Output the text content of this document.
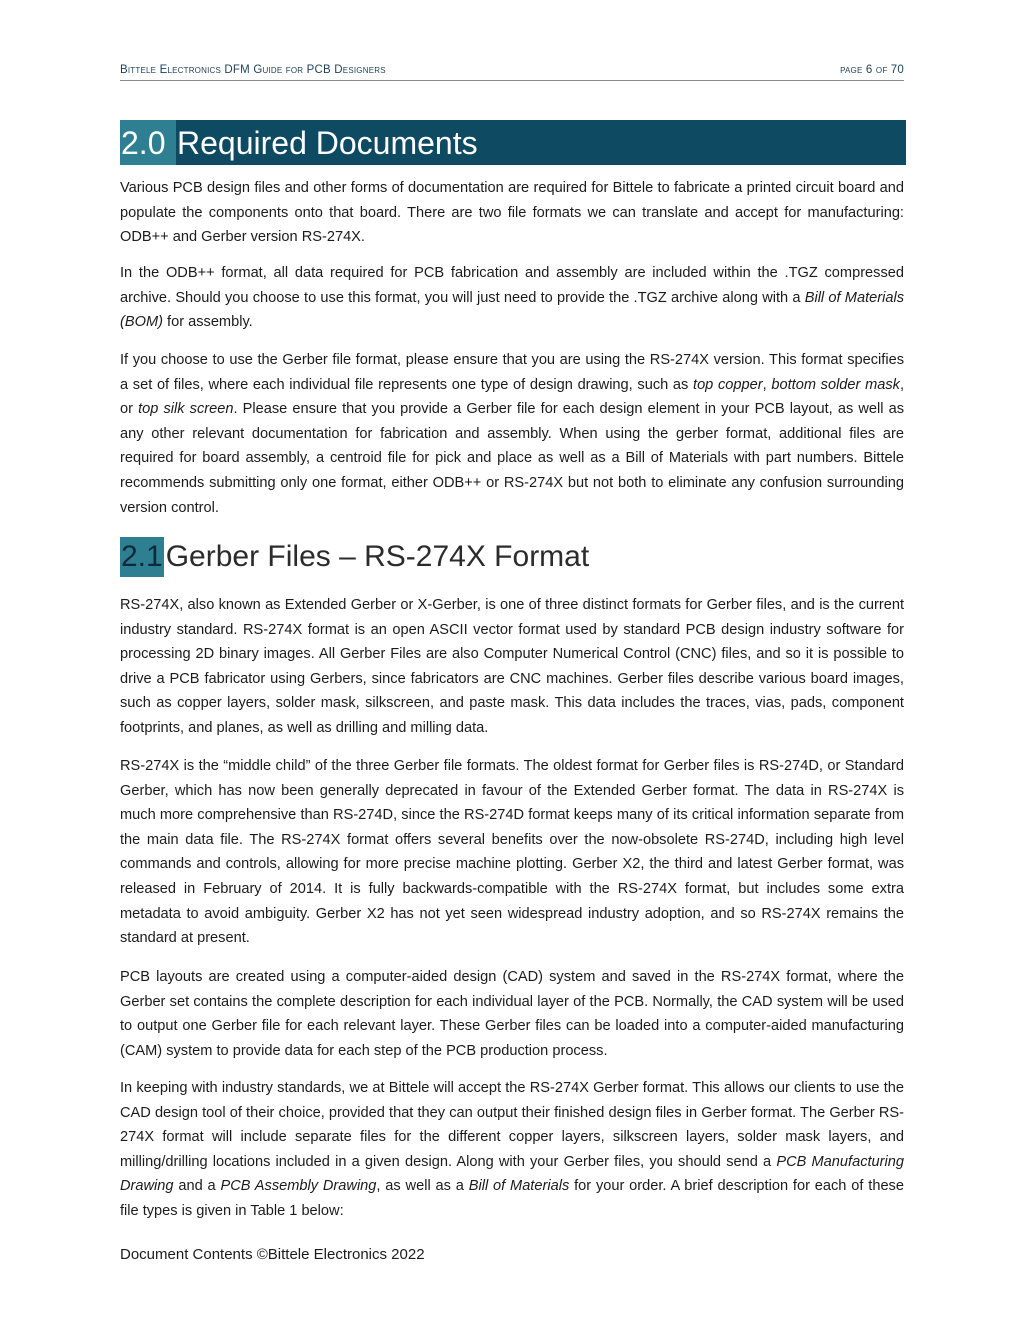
Bittele Electronics DFM Guide for PCB Designers	page 6 of 70
2.0 Required Documents

Various PCB design files and other forms of documentation are required for Bittele to fabricate a printed circuit board and populate the components onto that board. There are two file formats we can translate and accept for manufacturing: ODB++ and Gerber version RS-274X.

In the ODB++ format, all data required for PCB fabrication and assembly are included within the .TGZ compressed archive. Should you choose to use this format, you will just need to provide the .TGZ archive along with a Bill of Materials (BOM) for assembly.

If you choose to use the Gerber file format, please ensure that you are using the RS-274X version. This format specifies a set of files, where each individual file represents one type of design drawing, such as top copper, bottom solder mask, or top silk screen. Please ensure that you provide a Gerber file for each design element in your PCB layout, as well as any other relevant documentation for fabrication and assembly. When using the gerber format, additional files are required for board assembly, a centroid file for pick and place as well as a Bill of Materials with part numbers. Bittele recommends submitting only one format, either ODB++ or RS-274X but not both to eliminate any confusion surrounding version control.

2.1 Gerber Files – RS-274X Format

RS-274X, also known as Extended Gerber or X-Gerber, is one of three distinct formats for Gerber files, and is the current industry standard. RS-274X format is an open ASCII vector format used by standard PCB design industry software for processing 2D binary images. All Gerber Files are also Computer Numerical Control (CNC) files, and so it is possible to drive a PCB fabricator using Gerbers, since fabricators are CNC machines. Gerber files describe various board images, such as copper layers, solder mask, silkscreen, and paste mask. This data includes the traces, vias, pads, component footprints, and planes, as well as drilling and milling data.

RS-274X is the “middle child” of the three Gerber file formats. The oldest format for Gerber files is RS-274D, or Standard Gerber, which has now been generally deprecated in favour of the Extended Gerber format. The data in RS-274X is much more comprehensive than RS-274D, since the RS-274D format keeps many of its critical information separate from the main data file. The RS-274X format offers several benefits over the now-obsolete RS-274D, including high level commands and controls, allowing for more precise machine plotting. Gerber X2, the third and latest Gerber format, was released in February of 2014. It is fully backwards-compatible with the RS-274X format, but includes some extra metadata to avoid ambiguity. Gerber X2 has not yet seen widespread industry adoption, and so RS-274X remains the standard at present.

PCB layouts are created using a computer-aided design (CAD) system and saved in the RS-274X format, where the Gerber set contains the complete description for each individual layer of the PCB. Normally, the CAD system will be used to output one Gerber file for each relevant layer. These Gerber files can be loaded into a computer-aided manufacturing (CAM) system to provide data for each step of the PCB production process.

In keeping with industry standards, we at Bittele will accept the RS-274X Gerber format. This allows our clients to use the CAD design tool of their choice, provided that they can output their finished design files in Gerber format. The Gerber RS-274X format will include separate files for the different copper layers, silkscreen layers, solder mask layers, and milling/drilling locations included in a given design. Along with your Gerber files, you should send a PCB Manufacturing Drawing and a PCB Assembly Drawing, as well as a Bill of Materials for your order. A brief description for each of these file types is given in Table 1 below:

Document Contents ©Bittele Electronics 2022
